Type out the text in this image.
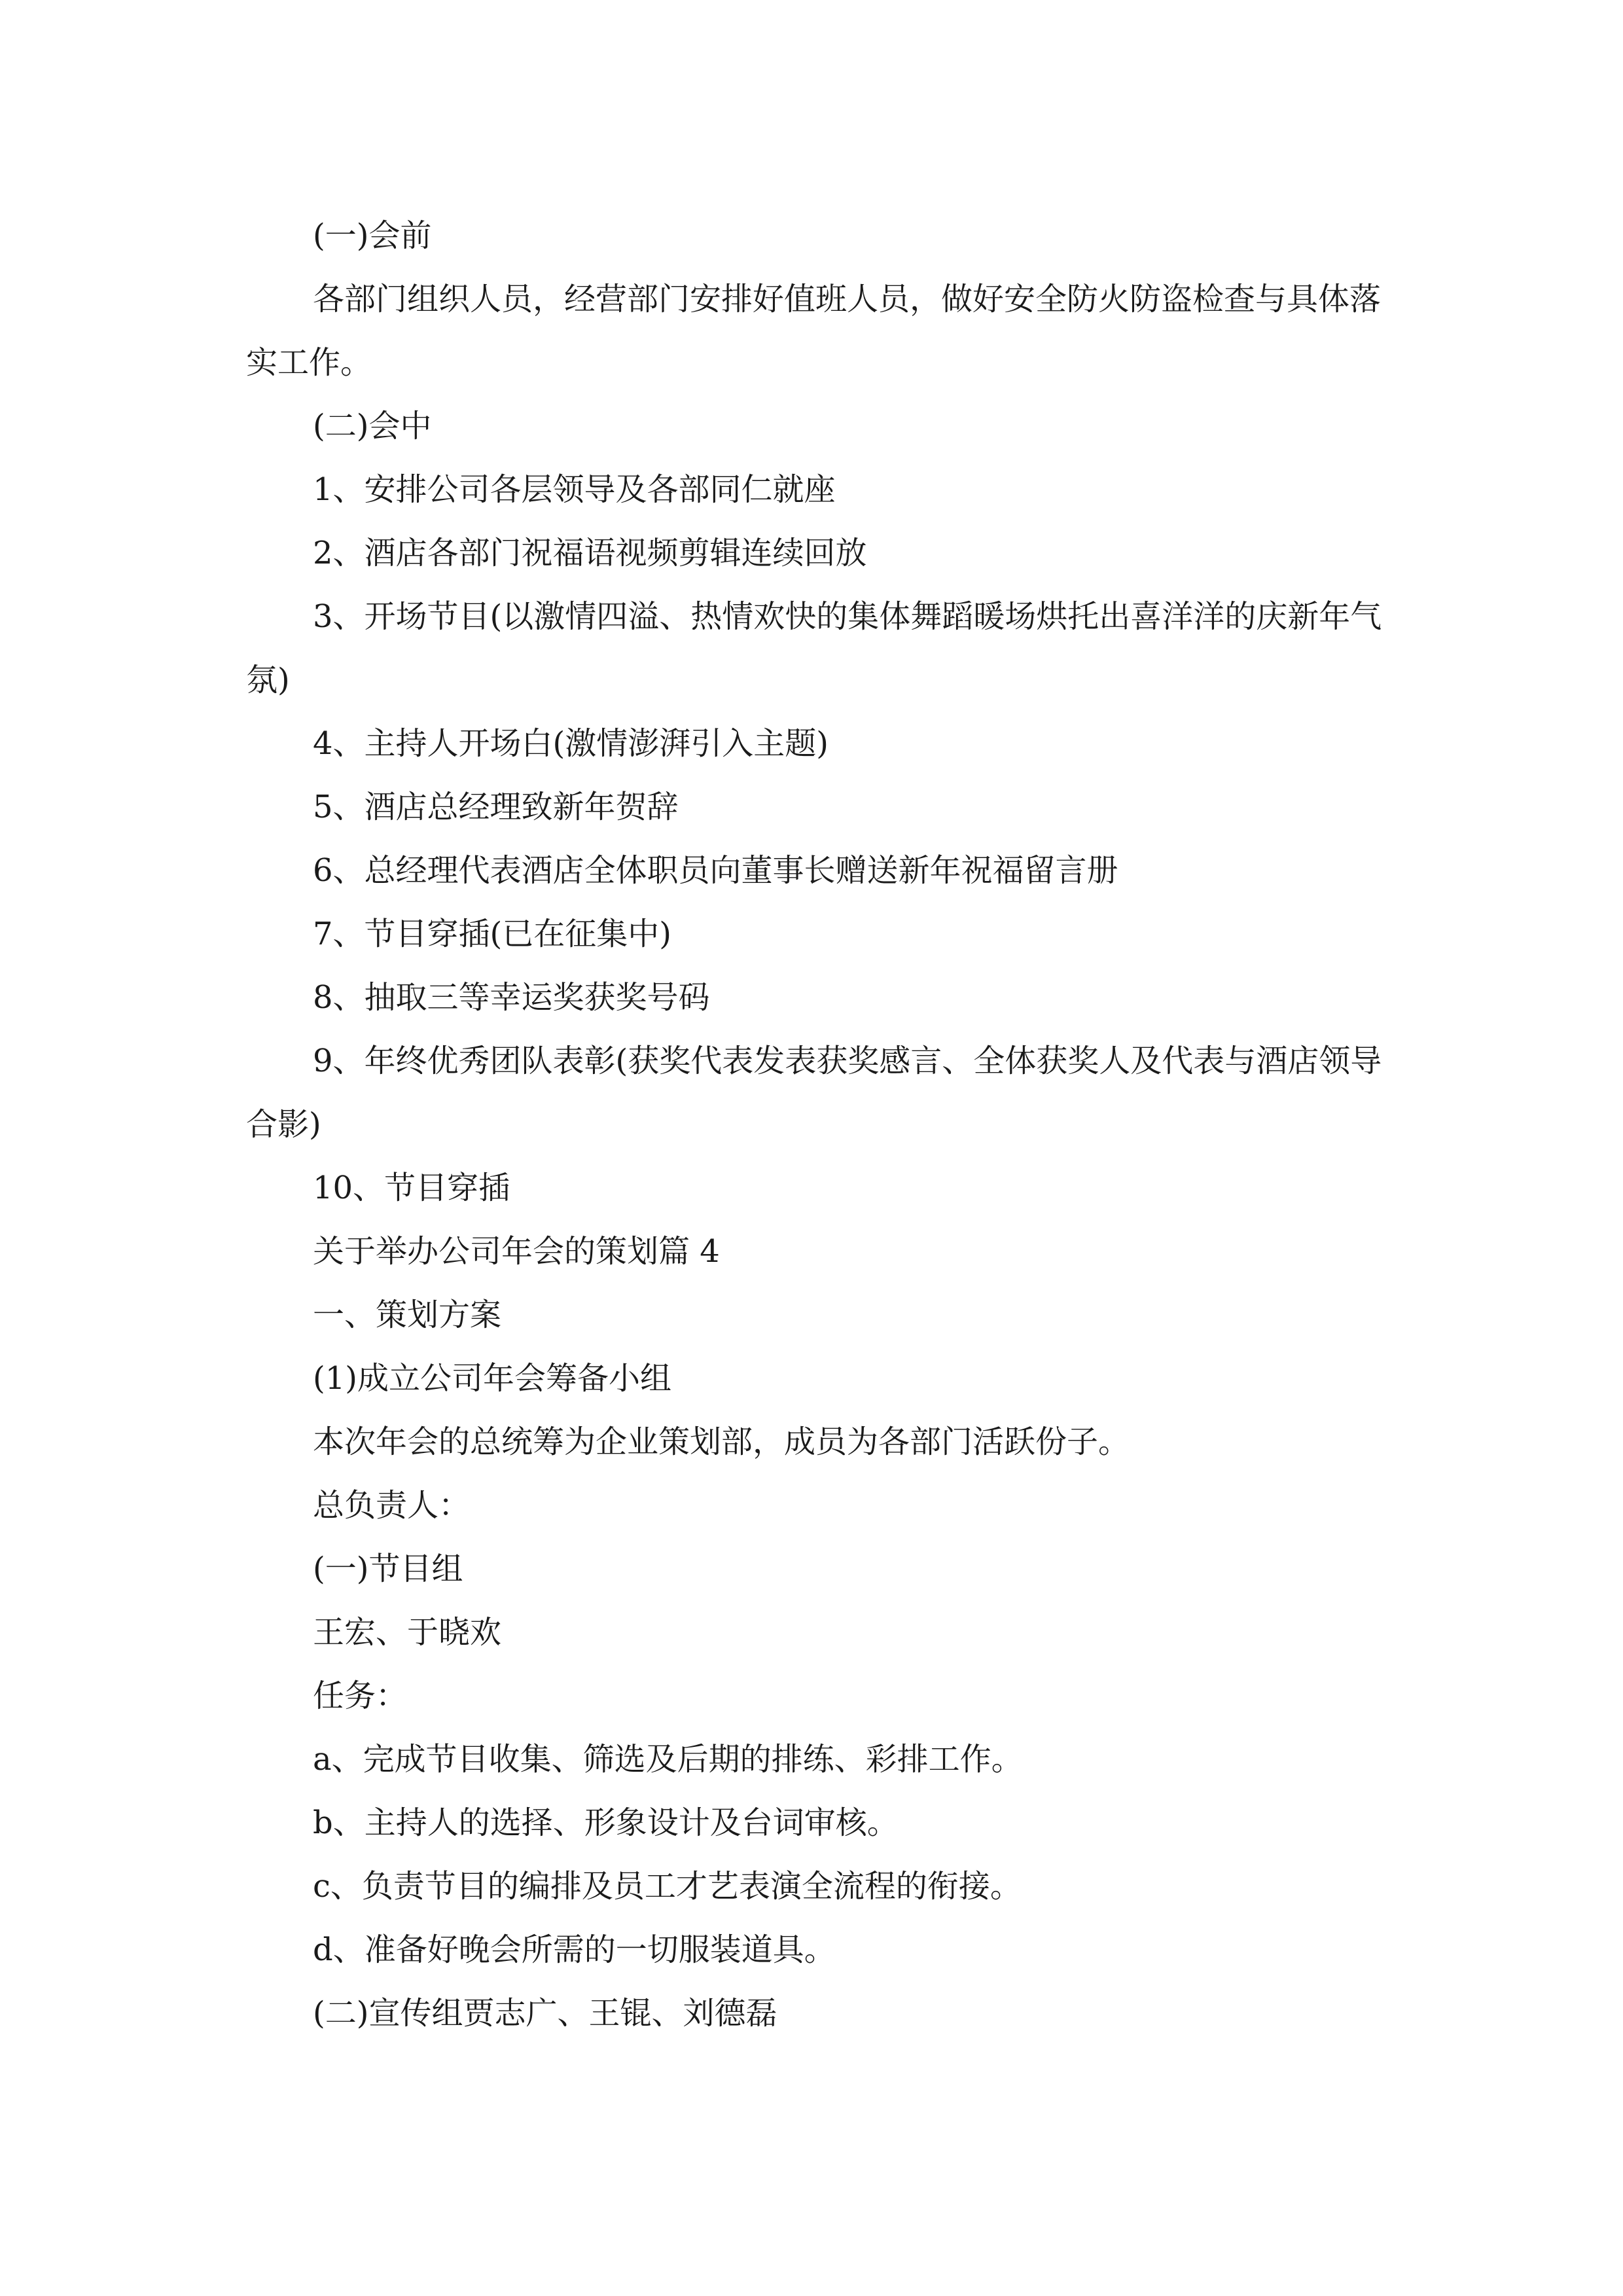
(一)会前

各部门组织人员，经营部门安排好值班人员，做好安全防火防盗检查与具体落实工作。

(二)会中

1、安排公司各层领导及各部同仁就座

2、酒店各部门祝福语视频剪辑连续回放

3、开场节目(以激情四溢、热情欢快的集体舞蹈暖场烘托出喜洋洋的庆新年气氛)

4、主持人开场白(激情澎湃引入主题)

5、酒店总经理致新年贺辞

6、总经理代表酒店全体职员向董事长赠送新年祝福留言册

7、节目穿插(已在征集中)

8、抽取三等幸运奖获奖号码

9、年终优秀团队表彰(获奖代表发表获奖感言、全体获奖人及代表与酒店领导合影)

10、节目穿插

关于举办公司年会的策划篇 4

一、策划方案

(1)成立公司年会筹备小组

本次年会的总统筹为企业策划部，成员为各部门活跃份子。

总负责人：

(一)节目组

王宏、于晓欢

任务：

a、完成节目收集、筛选及后期的排练、彩排工作。

b、主持人的选择、形象设计及台词审核。

c、负责节目的编排及员工才艺表演全流程的衔接。

d、准备好晚会所需的一切服装道具。

(二)宣传组贾志广、王锟、刘德磊
